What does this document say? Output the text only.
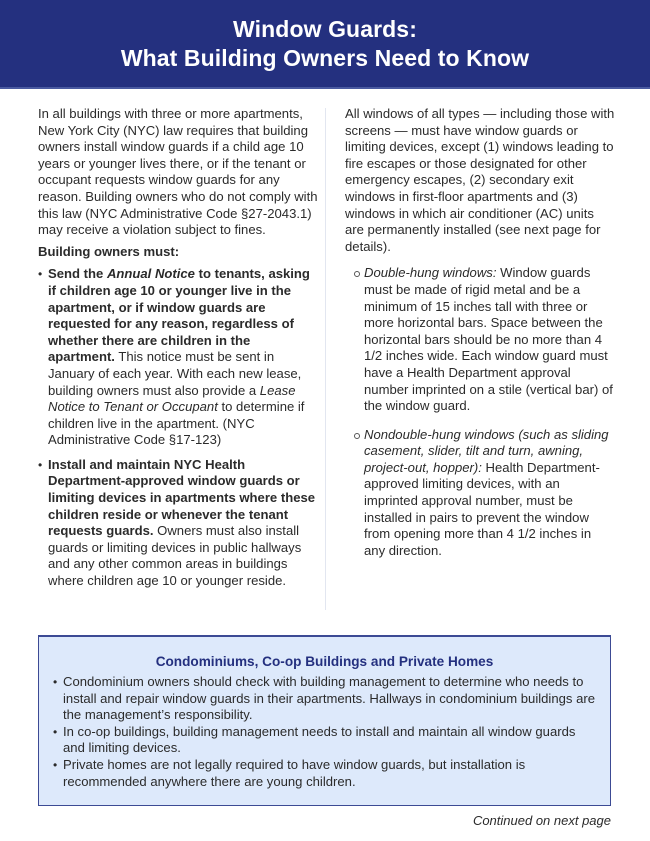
Window Guards:
What Building Owners Need to Know

In all buildings with three or more apartments, New York City (NYC) law requires that building owners install window guards if a child age 10 years or younger lives there, or if the tenant or occupant requests window guards for any reason. Building owners who do not comply with this law (NYC Administrative Code §27-2043.1) may receive a violation subject to fines.

Building owners must:

• Send the Annual Notice to tenants, asking if children age 10 or younger live in the apartment, or if window guards are requested for any reason, regardless of whether there are children in the apartment. This notice must be sent in January of each year. With each new lease, building owners must also provide a Lease Notice to Tenant or Occupant to determine if children live in the apartment. (NYC Administrative Code §17-123)
• Install and maintain NYC Health Department-approved window guards or limiting devices in apartments where these children reside or whenever the tenant requests guards. Owners must also install guards or limiting devices in public hallways and any other common areas in buildings where children age 10 or younger reside.

All windows of all types — including those with screens — must have window guards or limiting devices, except (1) windows leading to fire escapes or those designated for other emergency escapes, (2) secondary exit windows in first-floor apartments and (3) windows in which air conditioner (AC) units are permanently installed (see next page for details).

Double-hung windows: Window guards must be made of rigid metal and be a minimum of 15 inches tall with three or more horizontal bars. Space between the horizontal bars should be no more than 4 1/2 inches wide. Each window guard must have a Health Department approval number imprinted on a stile (vertical bar) of the window guard.
Nondouble-hung windows (such as sliding casement, slider, tilt and turn, awning, project-out, hopper): Health Department-approved limiting devices, with an imprinted approval number, must be installed in pairs to prevent the window from opening more than 4 1/2 inches in any direction.
Condominiums, Co-op Buildings and Private Homes
• Condominium owners should check with building management to determine who needs to install and repair window guards in their apartments. Hallways in condominium buildings are the management’s responsibility.
• In co-op buildings, building management needs to install and maintain all window guards and limiting devices.
• Private homes are not legally required to have window guards, but installation is recommended anywhere there are young children.
Continued on next page
